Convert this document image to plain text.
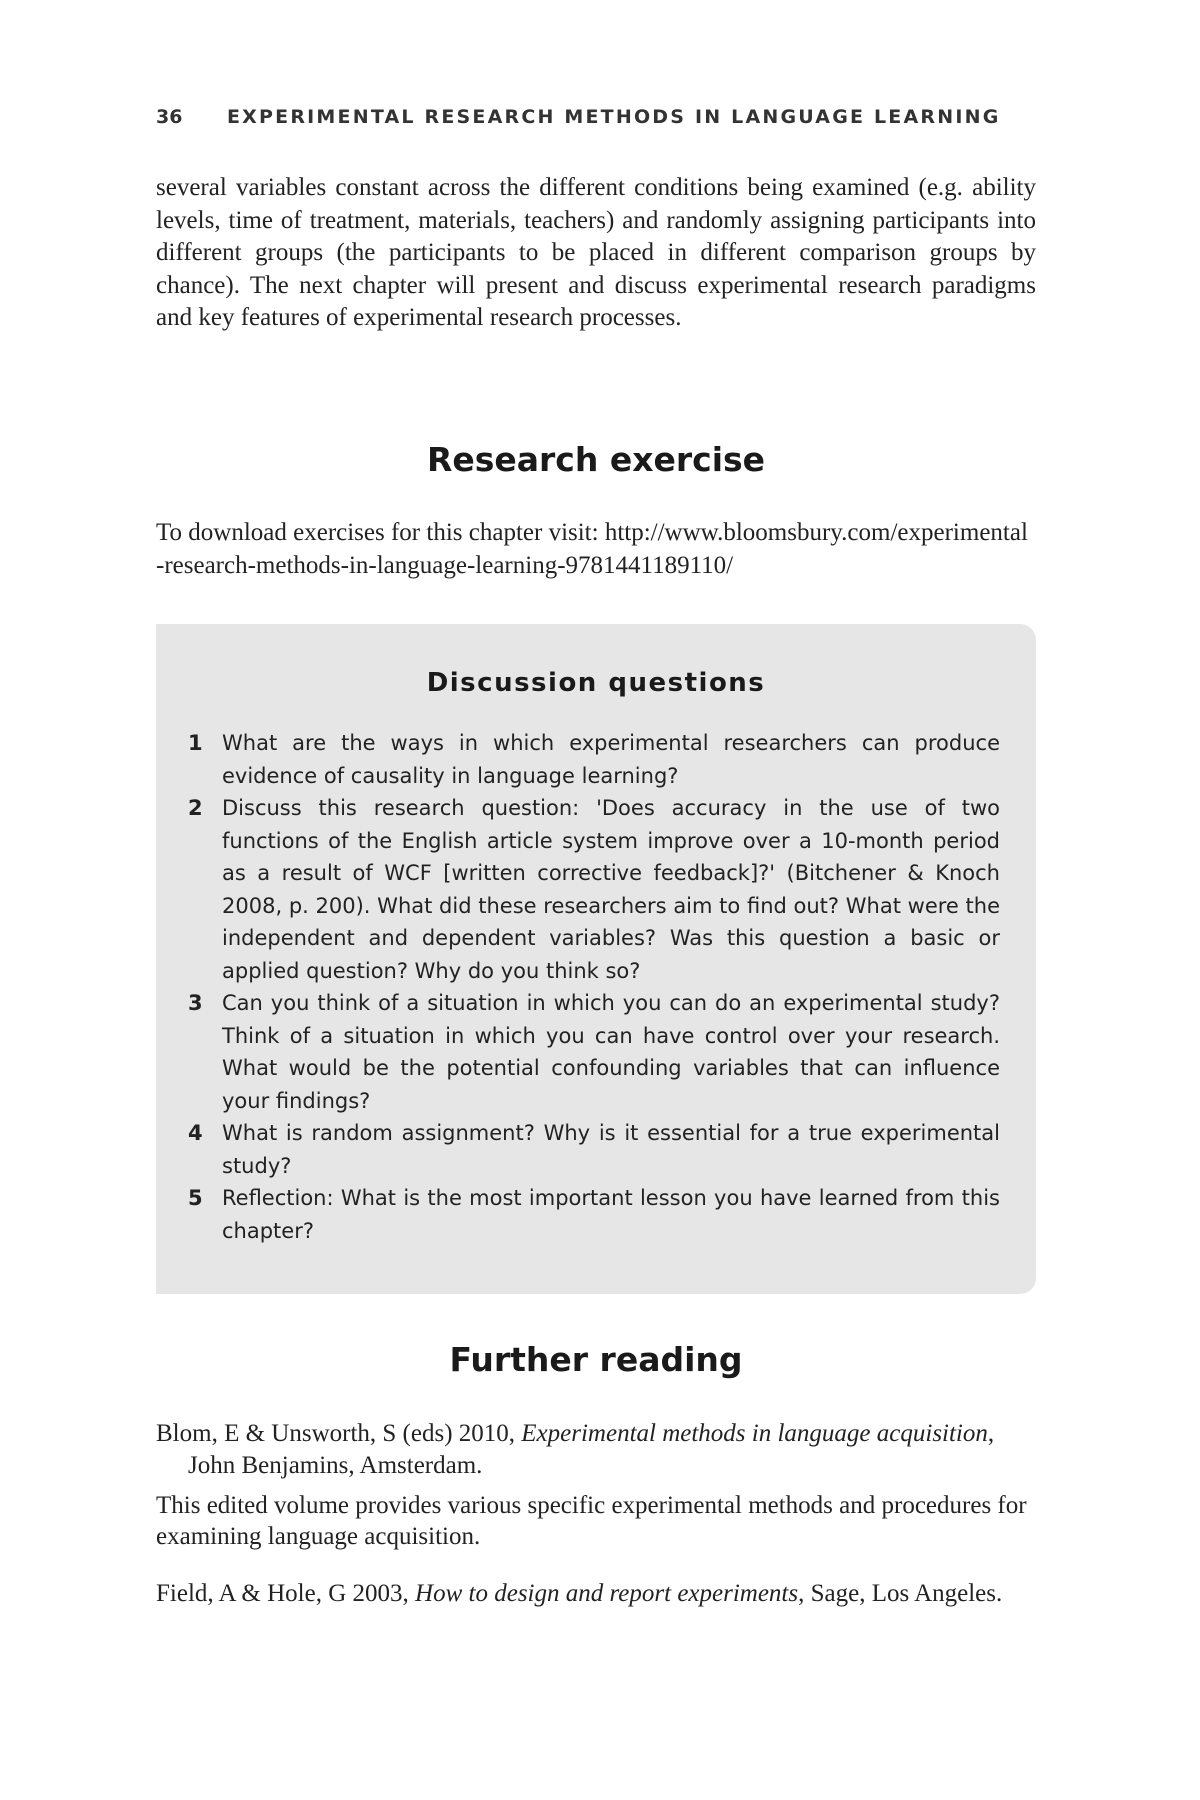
36 EXPERIMENTAL RESEARCH METHODS IN LANGUAGE LEARNING

several variables constant across the different conditions being examined (e.g. ability levels, time of treatment, materials, teachers) and randomly assigning participants into different groups (the participants to be placed in different comparison groups by chance). The next chapter will present and discuss experimental research paradigms and key features of experimental research processes.

Research exercise

To download exercises for this chapter visit: http://www.bloomsbury.com/experimental-research-methods-in-language-learning-9781441189110/

Discussion questions
1 What are the ways in which experimental researchers can produce evidence of causality in language learning?
2 Discuss this research question: 'Does accuracy in the use of two functions of the English article system improve over a 10-month period as a result of WCF [written corrective feedback]?' (Bitchener & Knoch 2008, p. 200). What did these researchers aim to find out? What were the independent and dependent variables? Was this question a basic or applied question? Why do you think so?
3 Can you think of a situation in which you can do an experimental study? Think of a situation in which you can have control over your research. What would be the potential confounding variables that can influence your findings?
4 What is random assignment? Why is it essential for a true experimental study?
5 Reflection: What is the most important lesson you have learned from this chapter?
Further reading

Blom, E & Unsworth, S (eds) 2010, Experimental methods in language acquisition, John Benjamins, Amsterdam.

This edited volume provides various specific experimental methods and procedures for examining language acquisition.

Field, A & Hole, G 2003, How to design and report experiments, Sage, Los Angeles.
